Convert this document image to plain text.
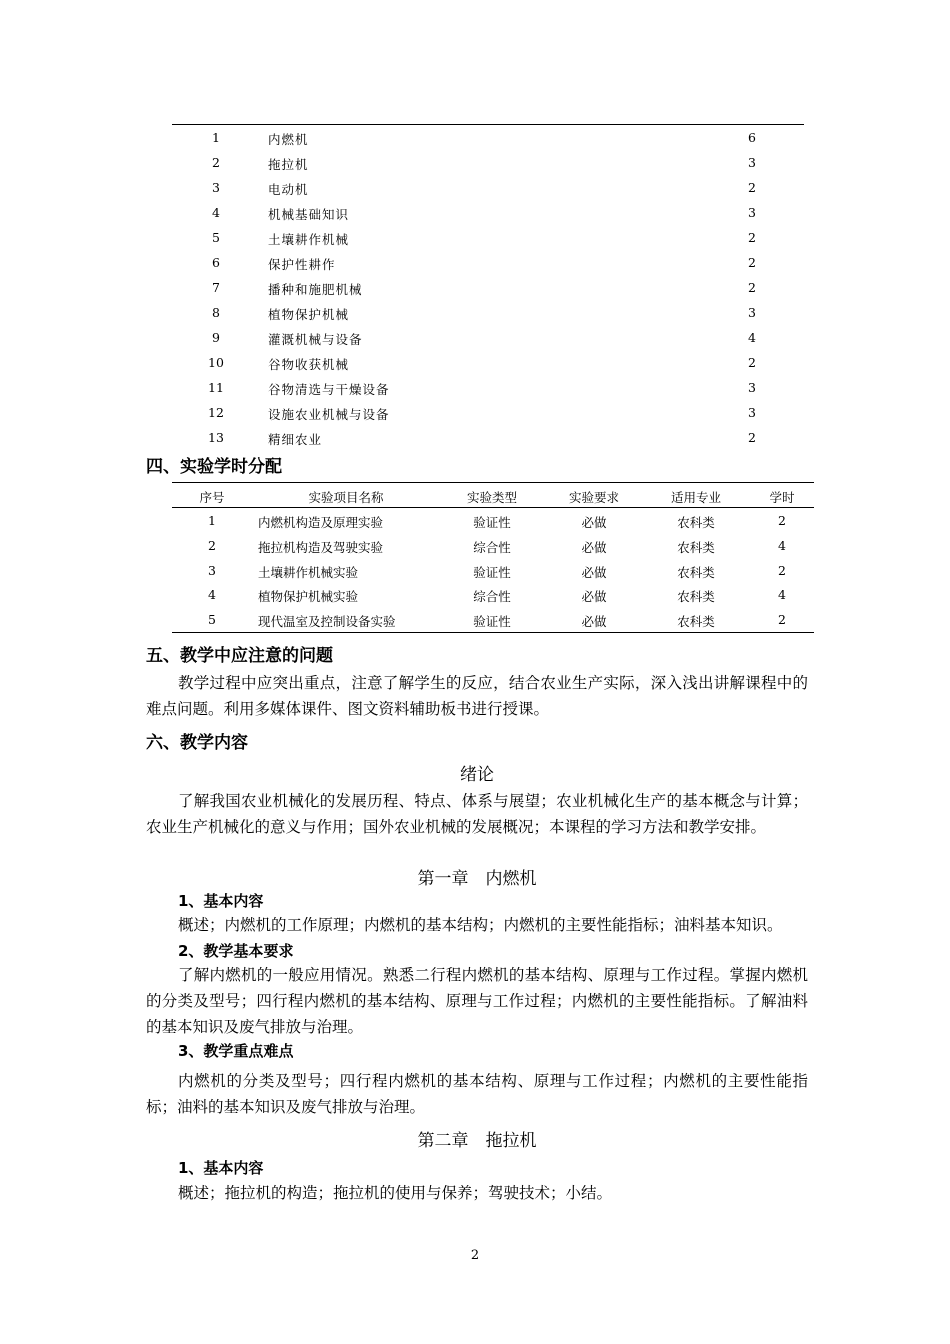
1	内燃机	6
2	拖拉机	3
3	电动机	2
4	机械基础知识	3
5	土壤耕作机械	2
6	保护性耕作	2
7	播种和施肥机械	2
8	植物保护机械	3
9	灌溉机械与设备	4
10	谷物收获机械	2
11	谷物清选与干燥设备	3
12	设施农业机械与设备	3
13	精细农业	2
四、实验学时分配
序号	实验项目名称	实验类型	实验要求	适用专业	学时
1	内燃机构造及原理实验	验证性	必做	农科类	2
2	拖拉机构造及驾驶实验	综合性	必做	农科类	4
3	土壤耕作机械实验	验证性	必做	农科类	2
4	植物保护机械实验	综合性	必做	农科类	4
5	现代温室及控制设备实验	验证性	必做	农科类	2
五、教学中应注意的问题
教学过程中应突出重点，注意了解学生的反应，结合农业生产实际，深入浅出讲解课程中的难点问题。利用多媒体课件、图文资料辅助板书进行授课。
六、教学内容
绪论
了解我国农业机械化的发展历程、特点、体系与展望；农业机械化生产的基本概念与计算；农业生产机械化的意义与作用；国外农业机械的发展概况；本课程的学习方法和教学安排。
第一章　内燃机
1、基本内容
概述；内燃机的工作原理；内燃机的基本结构；内燃机的主要性能指标；油料基本知识。
2、教学基本要求
了解内燃机的一般应用情况。熟悉二行程内燃机的基本结构、原理与工作过程。掌握内燃机的分类及型号；四行程内燃机的基本结构、原理与工作过程；内燃机的主要性能指标。了解油料的基本知识及废气排放与治理。
3、教学重点难点
内燃机的分类及型号；四行程内燃机的基本结构、原理与工作过程；内燃机的主要性能指标；油料的基本知识及废气排放与治理。
第二章　拖拉机
1、基本内容
概述；拖拉机的构造；拖拉机的使用与保养；驾驶技术；小结。
2
